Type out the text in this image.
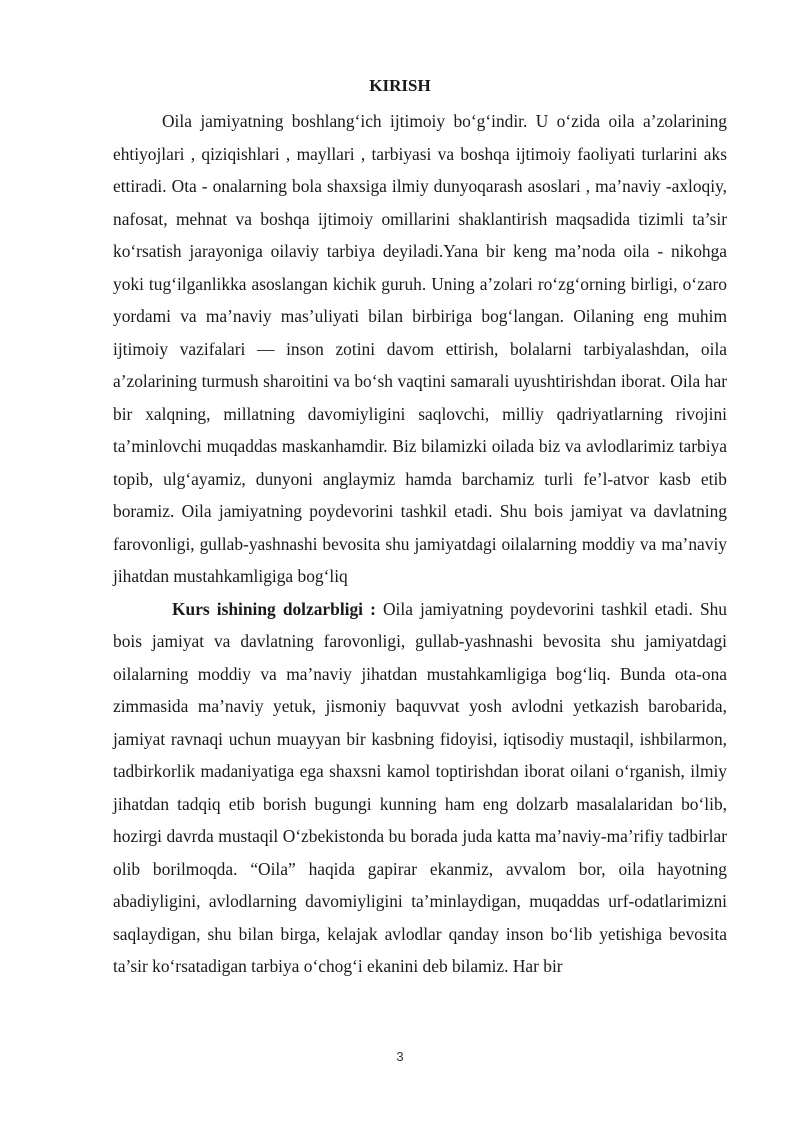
KIRISH

Oila jamiyatning boshlang‘ich ijtimoiy bo‘g‘indir. U o‘zida oila a’zolarining ehtiyojlari , qiziqishlari , mayllari , tarbiyasi va boshqa ijtimoiy faoliyati turlarini aks ettiradi. Ota - onalarning bola shaxsiga ilmiy dunyoqarash asoslari , ma’naviy -axloqiy, nafosat, mehnat va boshqa ijtimoiy omillarini shaklantirish maqsadida tizimli ta’sir ko‘rsatish jarayoniga oilaviy tarbiya deyiladi.Yana bir keng ma’noda oila - nikohga yoki tug‘ilganlikka asoslangan kichik guruh. Uning a’zolari ro‘zg‘orning birligi, o‘zaro yordami va ma’naviy mas’uliyati bilan birbiriga bog‘langan. Oilaning eng muhim ijtimoiy vazifalari — inson zotini davom ettirish, bolalarni tarbiyalashdan, oila a’zolarining turmush sharoitini va bo‘sh vaqtini samarali uyushtirishdan iborat. Oila har bir xalqning, millatning davomiyligini saqlovchi, milliy qadriyatlarning rivojini ta’minlovchi muqaddas maskanhamdir. Biz bilamizki oilada biz va avlodlarimiz tarbiya topib, ulg‘ayamiz, dunyoni anglaymiz hamda barchamiz turli fe’l-atvor kasb etib boramiz. Oila jamiyatning poydevorini tashkil etadi. Shu bois jamiyat va davlatning farovonligi, gullab-yashnashi bevosita shu jamiyatdagi oilalarning moddiy va ma’naviy jihatdan mustahkamligiga bog‘liq

Kurs ishining dolzarbligi : Oila jamiyatning poydevorini tashkil etadi. Shu bois jamiyat va davlatning farovonligi, gullab-yashnashi bevosita shu jamiyatdagi oilalarning moddiy va ma’naviy jihatdan mustahkamligiga bog‘liq. Bunda ota-ona zimmasida ma’naviy yetuk, jismoniy baquvvat yosh avlodni yetkazish barobarida, jamiyat ravnaqi uchun muayyan bir kasbning fidoyisi, iqtisodiy mustaqil, ishbilarmon, tadbirkorlik madaniyatiga ega shaxsni kamol toptirishdan iborat oilani o‘rganish, ilmiy jihatdan tadqiq etib borish bugungi kunning ham eng dolzarb masalalaridan bo‘lib, hozirgi davrda mustaqil O‘zbekistonda bu borada juda katta ma’naviy-ma’rifiy tadbirlar olib borilmoqda. “Oila” haqida gapirar ekanmiz, avvalom bor, oila hayotning abadiyligini, avlodlarning davomiyligini ta’minlaydigan, muqaddas urf-odatlarimizni saqlaydigan, shu bilan birga, kelajak avlodlar qanday inson bo‘lib yetishiga bevosita ta’sir ko‘rsatadigan tarbiya o‘chog‘i ekanini deb bilamiz. Har bir

3
